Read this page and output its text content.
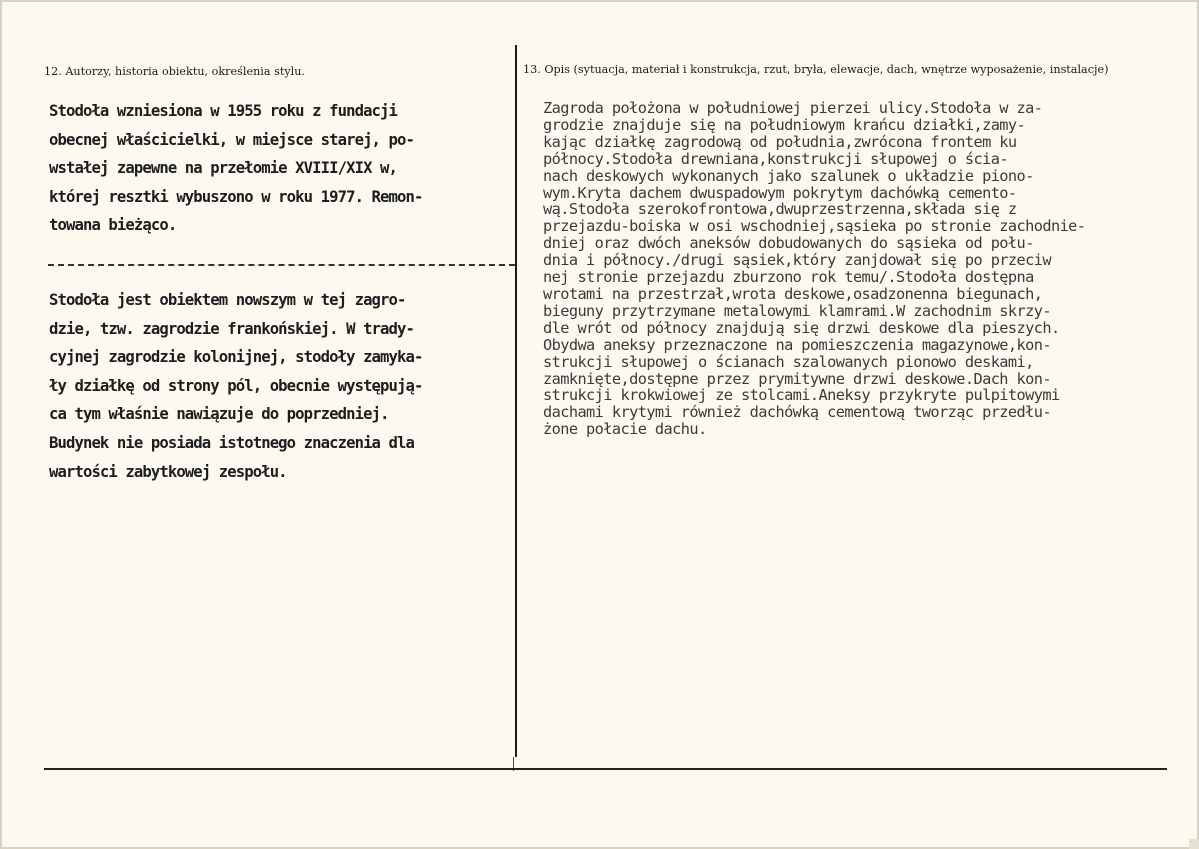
12. Autorzy, historia obiektu, określenia stylu.	13. Opis (sytuacja, materiał i konstrukcja, rzut, bryła, elewacje, dach, wnętrze wyposażenie, instalacje)
Stodoła wzniesiona w 1955 roku z fundacji
obecnej właścicielki, w miejsce starej, po-
wstałej zapewne na przełomie XVIII/XIX w,
której resztki wybuszono w roku 1977. Remon-
towana bieżąco.
Stodoła jest obiektem nowszym w tej zagro-
dzie, tzw. zagrodzie frankońskiej. W trady-
cyjnej zagrodzie kolonijnej, stodoły zamyka-
ły działkę od strony pól, obecnie występują-
ca tym właśnie nawiązuje do poprzedniej.
Budynek nie posiada istotnego znaczenia dla
wartości zabytkowej zespołu.
Zagroda położona w południowej pierzei ulicy.Stodoła w za-
grodzie znajduje się na południowym krańcu działki,zamy-
kając działkę zagrodową od południa,zwrócona frontem ku
północy.Stodoła drewniana,konstrukcji słupowej o ścia-
nach deskowych wykonanych jako szalunek o układzie piono-
wym.Kryta dachem dwuspadowym pokrytym dachówką cemento-
wą.Stodoła szerokofrontowa,dwuprzestrzenna,składa się z
przejazdu-boiska w osi wschodniej,sąsieka po stronie zachodnie-
dniej oraz dwóch aneksów dobudowanych do sąsieka od połu-
dnia i północy./drugi sąsiek,który zanjdował się po przeciw
nej stronie przejazdu zburzono rok temu/.Stodoła dostępna
wrotami na przestrzał,wrota deskowe,osadzonenna biegunach,
bieguny przytrzymane metalowymi klamrami.W zachodnim skrzy-
dle wrót od północy znajdują się drzwi deskowe dla pieszych.
Obydwa aneksy przeznaczone na pomieszczenia magazynowe,kon-
strukcji słupowej o ścianach szalowanych pionowo deskami,
zamknięte,dostępne przez prymitywne drzwi deskowe.Dach kon-
strukcji krokwiowej ze stolcami.Aneksy przykryte pulpitowymi
dachami krytymi również dachówką cementową tworząc przedłu-
żone połacie dachu.
